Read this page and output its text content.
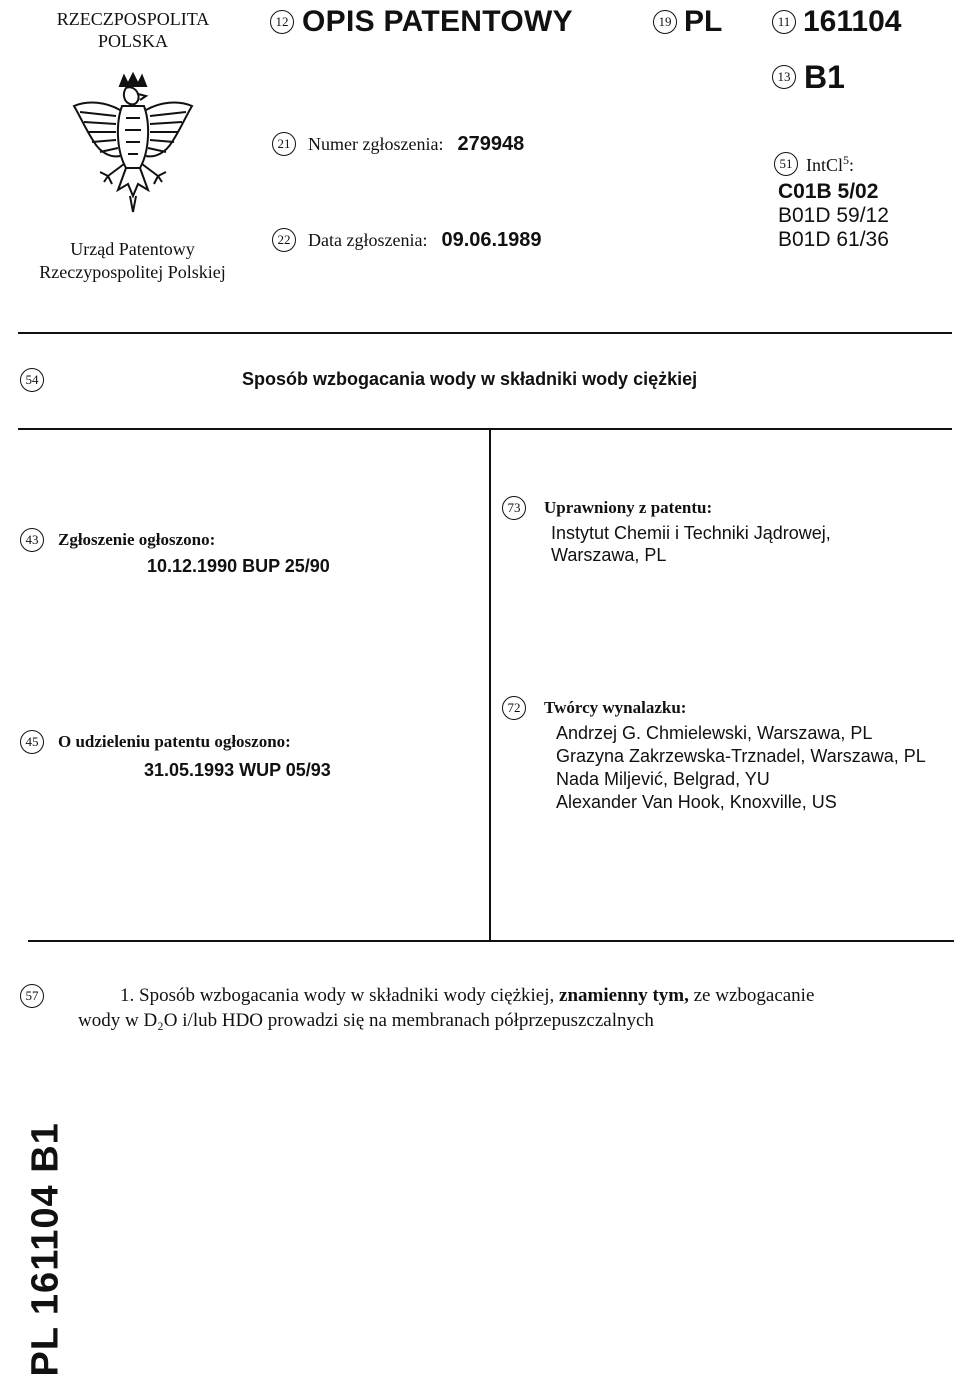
RZECZPOSPOLITA
POLSKA
Urząd Patentowy
Rzeczypospolitej Polskiej
12 OPIS PATENTOWY	19 PL	11 161104
13 B1
21 Numer zgłoszenia: 279948
22 Data zgłoszenia: 09.06.1989
51 IntCl$^5$:
C01B 5/02
B01D 59/12
B01D 61/36
54	Sposób wzbogacania wody w składniki wody ciężkiej
43	Zgłoszenie ogłoszono:
10.12.1990 BUP 25/90
45	O udzieleniu patentu ogłoszono:
31.05.1993 WUP 05/93
73	Uprawniony z patentu:
Instytut Chemii i Techniki Jądrowej,
Warszawa, PL
72	Twórcy wynalazku:
Andrzej G. Chmielewski, Warszawa, PL
Grazyna Zakrzewska-Trznadel, Warszawa, PL
Nada Miljević, Belgrad, YU
Alexander Van Hook, Knoxville, US
57	1. Sposób wzbogacania wody w składniki wody ciężkiej, znamienny tym, ze wzbogacanie
wody w D₂O i/lub HDO prowadzi się na membranach półprzepuszczalnych
PL 161104 B1
